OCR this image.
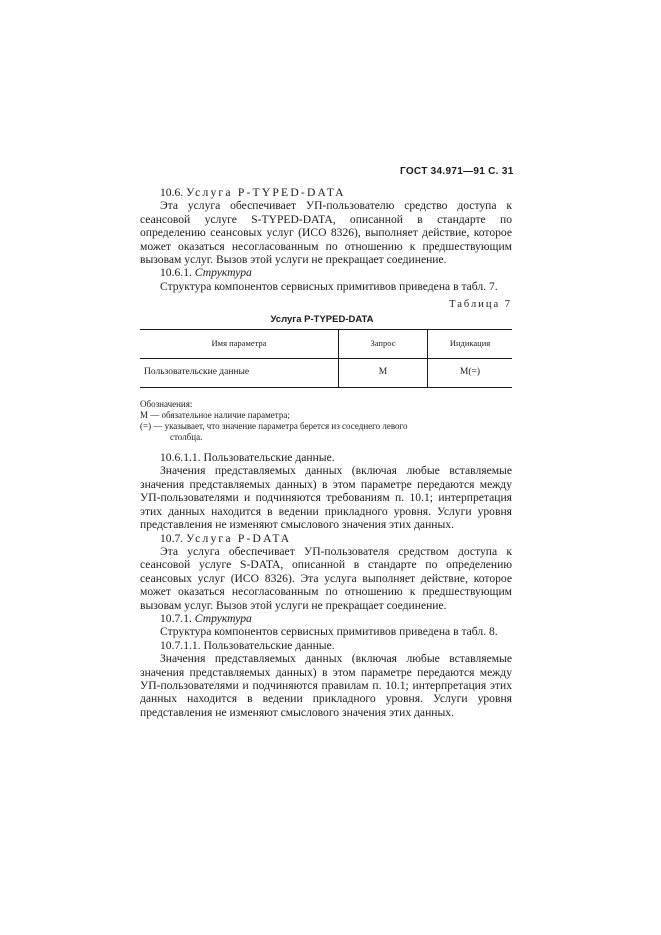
ГОСТ 34.971—91 С. 31

10.6. Услуга P-TYPED-DATA

Эта услуга обеспечивает УП-пользователю средство доступа к сеансовой услуге S-TYPED-DATA, описанной в стандарте по определению сеансовых услуг (ИСО 8326), выполняет действие, которое может оказаться несогласованным по отношению к предшествующим вызовам услуг. Вызов этой услуги не прекращает соединение.

10.6.1. Структура

Структура компонентов сервисных примитивов приведена в табл. 7.

Таблица 7
Услуга P-TYPED-DATA
Имя параметра	Запрос	Индикация
Пользовательские данные	М	М(=)
Обозначения:
М — обязательное наличие параметра;
(=) — указывает, что значение параметра берется из соседнего левого
столбца.

10.6.1.1. Пользовательские данные.

Значения представляемых данных (включая любые вставляемые значения представляемых данных) в этом параметре передаются между УП-пользователями и подчиняются требованиям п. 10.1; интерпретация этих данных находится в ведении прикладного уровня. Услуги уровня представления не изменяют смыслового значения этих данных.

10.7. Услуга P-DATA

Эта услуга обеспечивает УП-пользователя средством доступа к сеансовой услуге S-DATA, описанной в стандарте по определению сеансовых услуг (ИСО 8326). Эта услуга выполняет действие, которое может оказаться несогласованным по отношению к предшествующим вызовам услуг. Вызов этой услуги не прекращает соединение.

10.7.1. Структура

Структура компонентов сервисных примитивов приведена в табл. 8.

10.7.1.1. Пользовательские данные.

Значения представляемых данных (включая любые вставляемые значения представляемых данных) в этом параметре передаются между УП-пользователями и подчиняются правилам п. 10.1; интерпретация этих данных находится в ведении прикладного уровня. Услуги уровня представления не изменяют смыслового значения этих данных.
